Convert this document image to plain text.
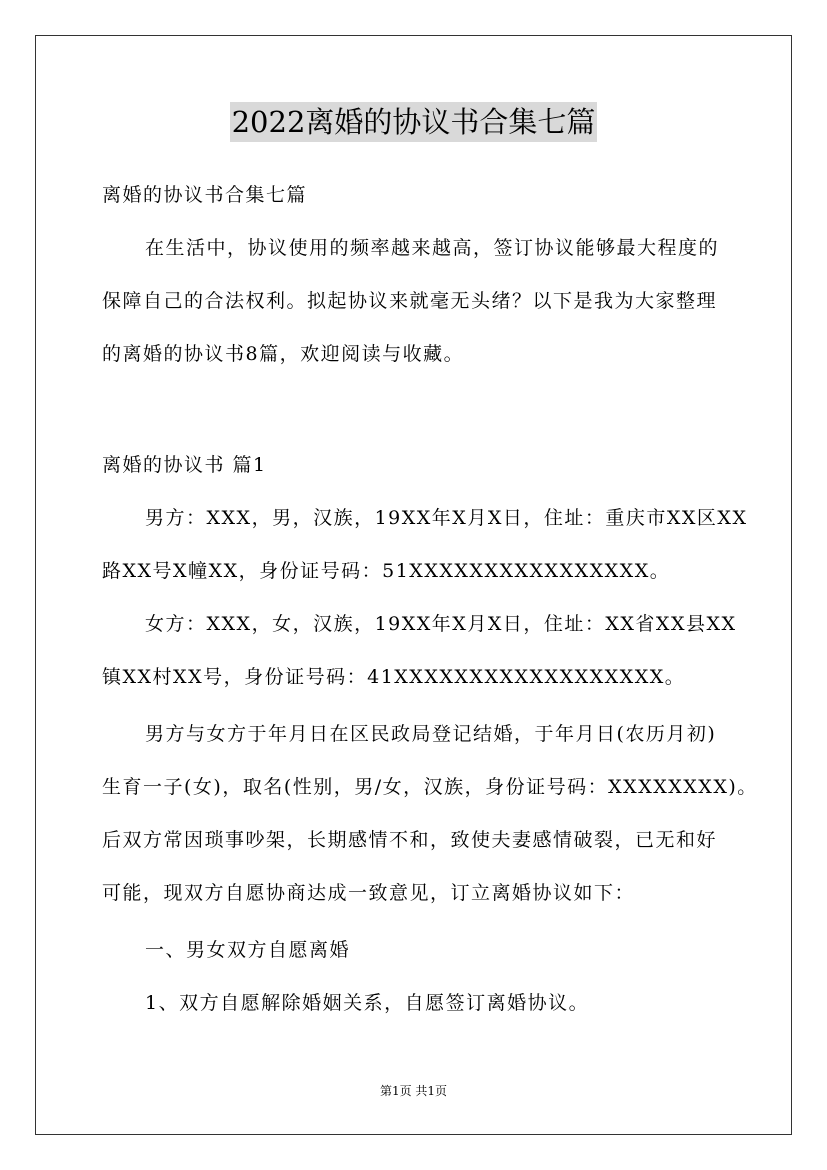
2022离婚的协议书合集七篇
离婚的协议书合集七篇
在生活中，协议使用的频率越来越高，签订协议能够最大程度的
保障自己的合法权利。拟起协议来就毫无头绪？以下是我为大家整理
的离婚的协议书8篇，欢迎阅读与收藏。
离婚的协议书 篇1
男方：XXX，男，汉族，19XX年X月X日，住址：重庆市XX区XX
路XX号X幢XX，身份证号码：51XXXXXXXXXXXXXXXX。
女方：XXX，女，汉族，19XX年X月X日，住址：XX省XX县XX
镇XX村XX号，身份证号码：41XXXXXXXXXXXXXXXXXX。
男方与女方于年月日在区民政局登记结婚，于年月日(农历月初)
生育一子(女)，取名(性别，男/女，汉族，身份证号码：XXXXXXXX)。
后双方常因琐事吵架，长期感情不和，致使夫妻感情破裂，已无和好
可能，现双方自愿协商达成一致意见，订立离婚协议如下：
一、男女双方自愿离婚
1、双方自愿解除婚姻关系，自愿签订离婚协议。
第1页 共1页
